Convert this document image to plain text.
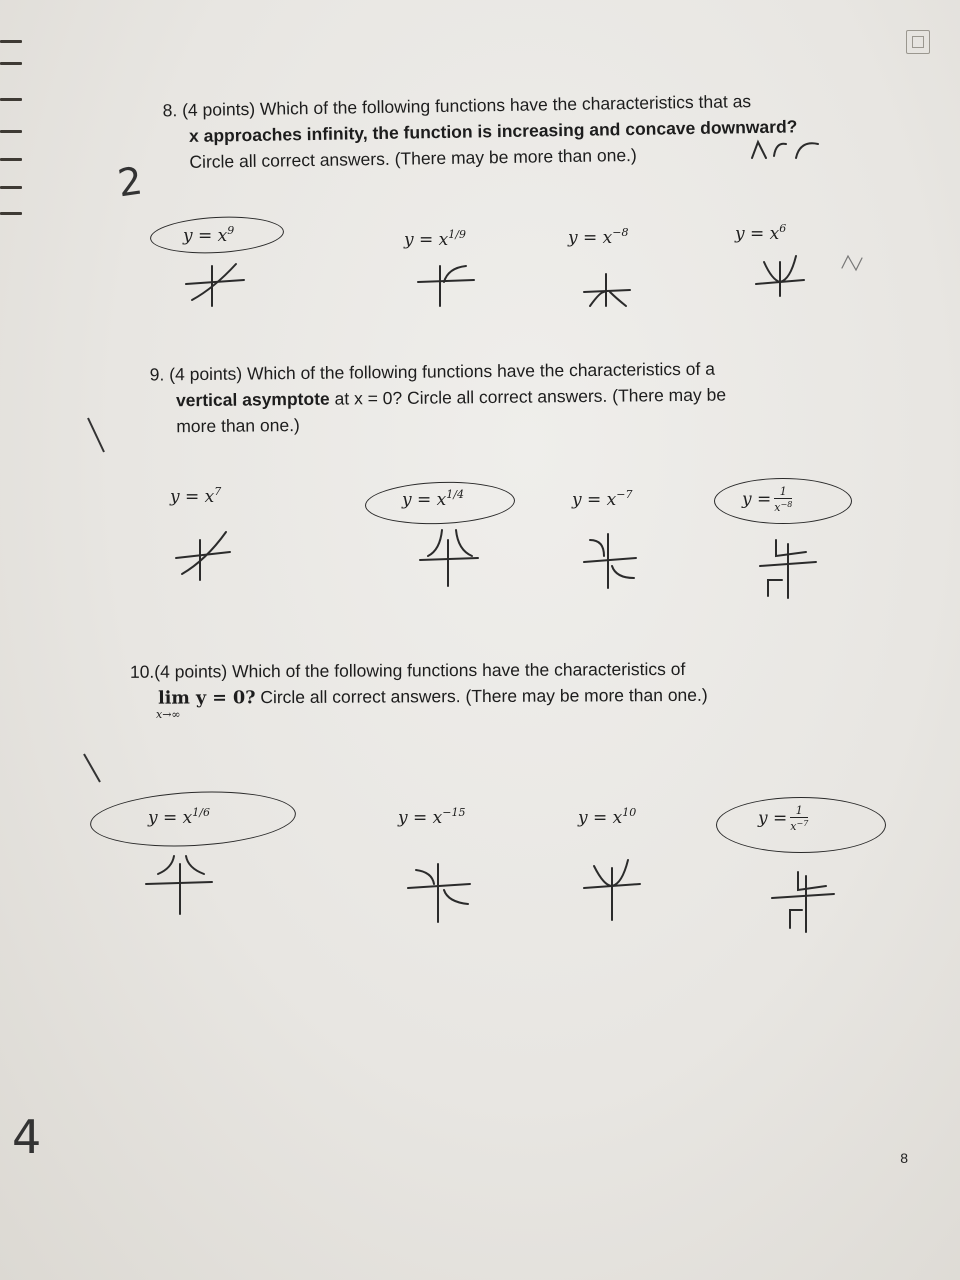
8. (4 points) Which of the following functions have the characteristics that as
x approaches infinity, the function is increasing and concave downward?
Circle all correct answers. (There may be more than one.)
$y = x^9$	$y = x^{1/9}$	$y = x^{-8}$	$y = x^6$
9. (4 points) Which of the following functions have the characteristics of a
vertical asymptote at x = 0? Circle all correct answers. (There may be
more than one.)
$y = x^7$	$y = x^{1/4}$	$y = x^{-7}$	$y = \frac{1}{x^{-8}}$
10.(4 points) Which of the following functions have the characteristics of
lim y = 0? Circle all correct answers. (There may be more than one.)
x→∞
$y = x^{1/6}$	$y = x^{-15}$	$y = x^{10}$	$y = \frac{1}{x^{-7}}$
2
4	8
